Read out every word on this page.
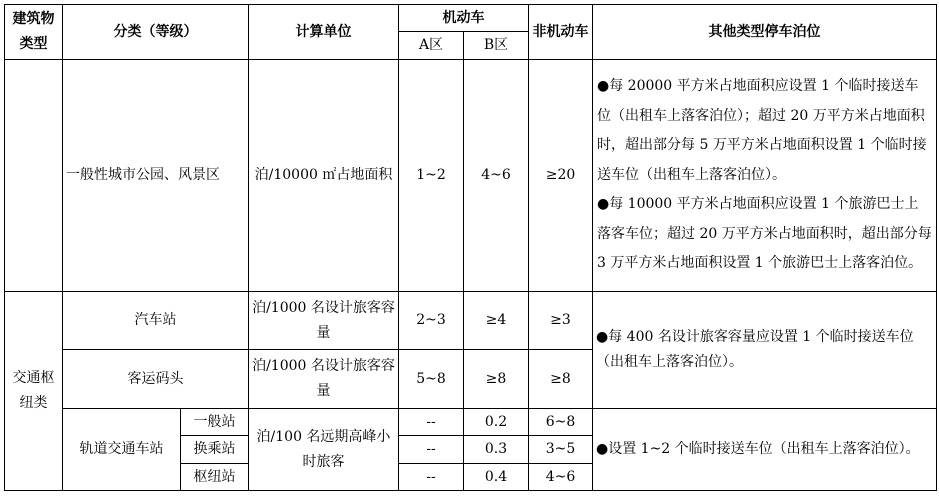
建筑物类型	分类（等级）		计算单位	机动车		非机动车	其他类型停车泊位
				A区	B区		
	一般性城市公园、风景区		泊/10000 ㎡占地面积	1~2	4~6	≥20	●每 20000 平方米占地面积应设置 1 个临时接送车位（出租车上落客泊位）；超过 20 万平方米占地面积时，超出部分每 5 万平方米占地面积设置 1 个临时接送车位（出租车上落客泊位）。
●每 10000 平方米占地面积应设置 1 个旅游巴士上落客车位；超过 20 万平方米占地面积时，超出部分每 3 万平方米占地面积设置 1 个旅游巴士上落客泊位。

交通枢纽类	汽车站		泊/1000 名设计旅客容量	2~3	≥4	≥3	●每 400 名设计旅客容量应设置 1 个临时接送车位（出租车上落客泊位）。
	客运码头		泊/1000 名设计旅客容量	5~8	≥8	≥8	
	轨道交通车站	一般站	泊/100 名远期高峰小时旅客	--	0.2	6~8	●设置 1~2 个临时接送车位（出租车上落客泊位）。
		换乘站		--	0.3	3~5	
		枢纽站		--	0.4	4~6	
